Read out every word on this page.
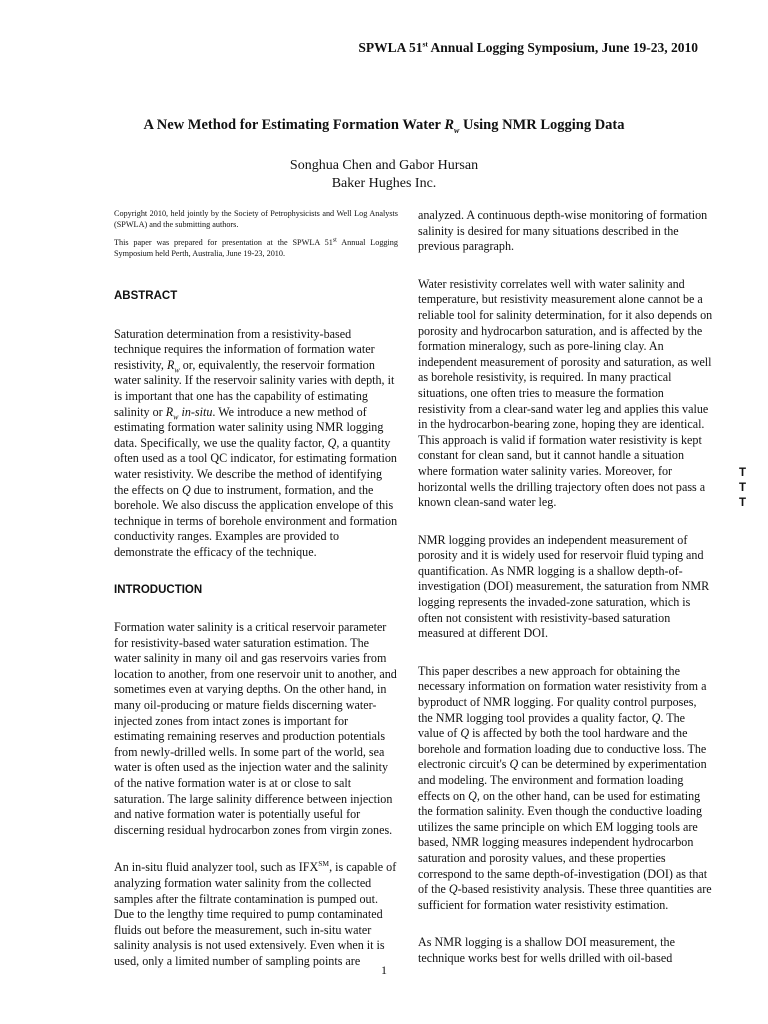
SPWLA 51st Annual Logging Symposium, June 19-23, 2010
A New Method for Estimating Formation Water $R_w$ Using NMR Logging Data
Songhua Chen and Gabor Hursan
Baker Hughes Inc.

Copyright 2010, held jointly by the Society of Petrophysicists and Well Log Analysts (SPWLA) and the submitting authors.

This paper was prepared for presentation at the SPWLA 51st Annual Logging Symposium held Perth, Australia, June 19-23, 2010.

ABSTRACT

Saturation determination from a resistivity-based technique requires the information of formation water resistivity, $R_w$ or, equivalently, the reservoir formation water salinity. If the reservoir salinity varies with depth, it is important that one has the capability of estimating salinity or $R_w$ in-situ. We introduce a new method of estimating formation water salinity using NMR logging data. Specifically, we use the quality factor, Q, a quantity often used as a tool QC indicator, for estimating formation water resistivity. We describe the method of identifying the effects on Q due to instrument, formation, and the borehole. We also discuss the application envelope of this technique in terms of borehole environment and formation conductivity ranges. Examples are provided to demonstrate the efficacy of the technique.

INTRODUCTION

Formation water salinity is a critical reservoir parameter for resistivity-based water saturation estimation. The water salinity in many oil and gas reservoirs varies from location to another, from one reservoir unit to another, and sometimes even at varying depths. On the other hand, in many oil-producing or mature fields discerning water-injected zones from intact zones is important for estimating remaining reserves and production potentials from newly-drilled wells. In some part of the world, sea water is often used as the injection water and the salinity of the native formation water is at or close to salt saturation. The large salinity difference between injection and native formation water is potentially useful for discerning residual hydrocarbon zones from virgin zones.

An in-situ fluid analyzer tool, such as IFX℠, is capable of analyzing formation water salinity from the collected samples after the filtrate contamination is pumped out. Due to the lengthy time required to pump contaminated fluids out before the measurement, such in-situ water salinity analysis is not used extensively. Even when it is used, only a limited number of sampling points are

analyzed. A continuous depth-wise monitoring of formation salinity is desired for many situations described in the previous paragraph.

Water resistivity correlates well with water salinity and temperature, but resistivity measurement alone cannot be a reliable tool for salinity determination, for it also depends on porosity and hydrocarbon saturation, and is affected by the formation mineralogy, such as pore-lining clay. An independent measurement of porosity and saturation, as well as borehole resistivity, is required. In many practical situations, one often tries to measure the formation resistivity from a clear-sand water leg and applies this value in the hydrocarbon-bearing zone, hoping they are identical. This approach is valid if formation water resistivity is kept constant for clean sand, but it cannot handle a situation where formation water salinity varies. Moreover, for horizontal wells the drilling trajectory often does not pass a known clean-sand water leg.

NMR logging provides an independent measurement of porosity and it is widely used for reservoir fluid typing and quantification. As NMR logging is a shallow depth-of-investigation (DOI) measurement, the saturation from NMR logging represents the invaded-zone saturation, which is often not consistent with resistivity-based saturation measured at different DOI.

This paper describes a new approach for obtaining the necessary information on formation water resistivity from a byproduct of NMR logging. For quality control purposes, the NMR logging tool provides a quality factor, Q. The value of Q is affected by both the tool hardware and the borehole and formation loading due to conductive loss. The electronic circuit's Q can be determined by experimentation and modeling. The environment and formation loading effects on Q, on the other hand, can be used for estimating the formation salinity. Even though the conductive loading utilizes the same principle on which EM logging tools are based, NMR logging measures independent hydrocarbon saturation and porosity values, and these properties correspond to the same depth-of-investigation (DOI) as that of the Q-based resistivity analysis. These three quantities are sufficient for formation water resistivity estimation.

As NMR logging is a shallow DOI measurement, the technique works best for wells drilled with oil-based

T
T
T
1
